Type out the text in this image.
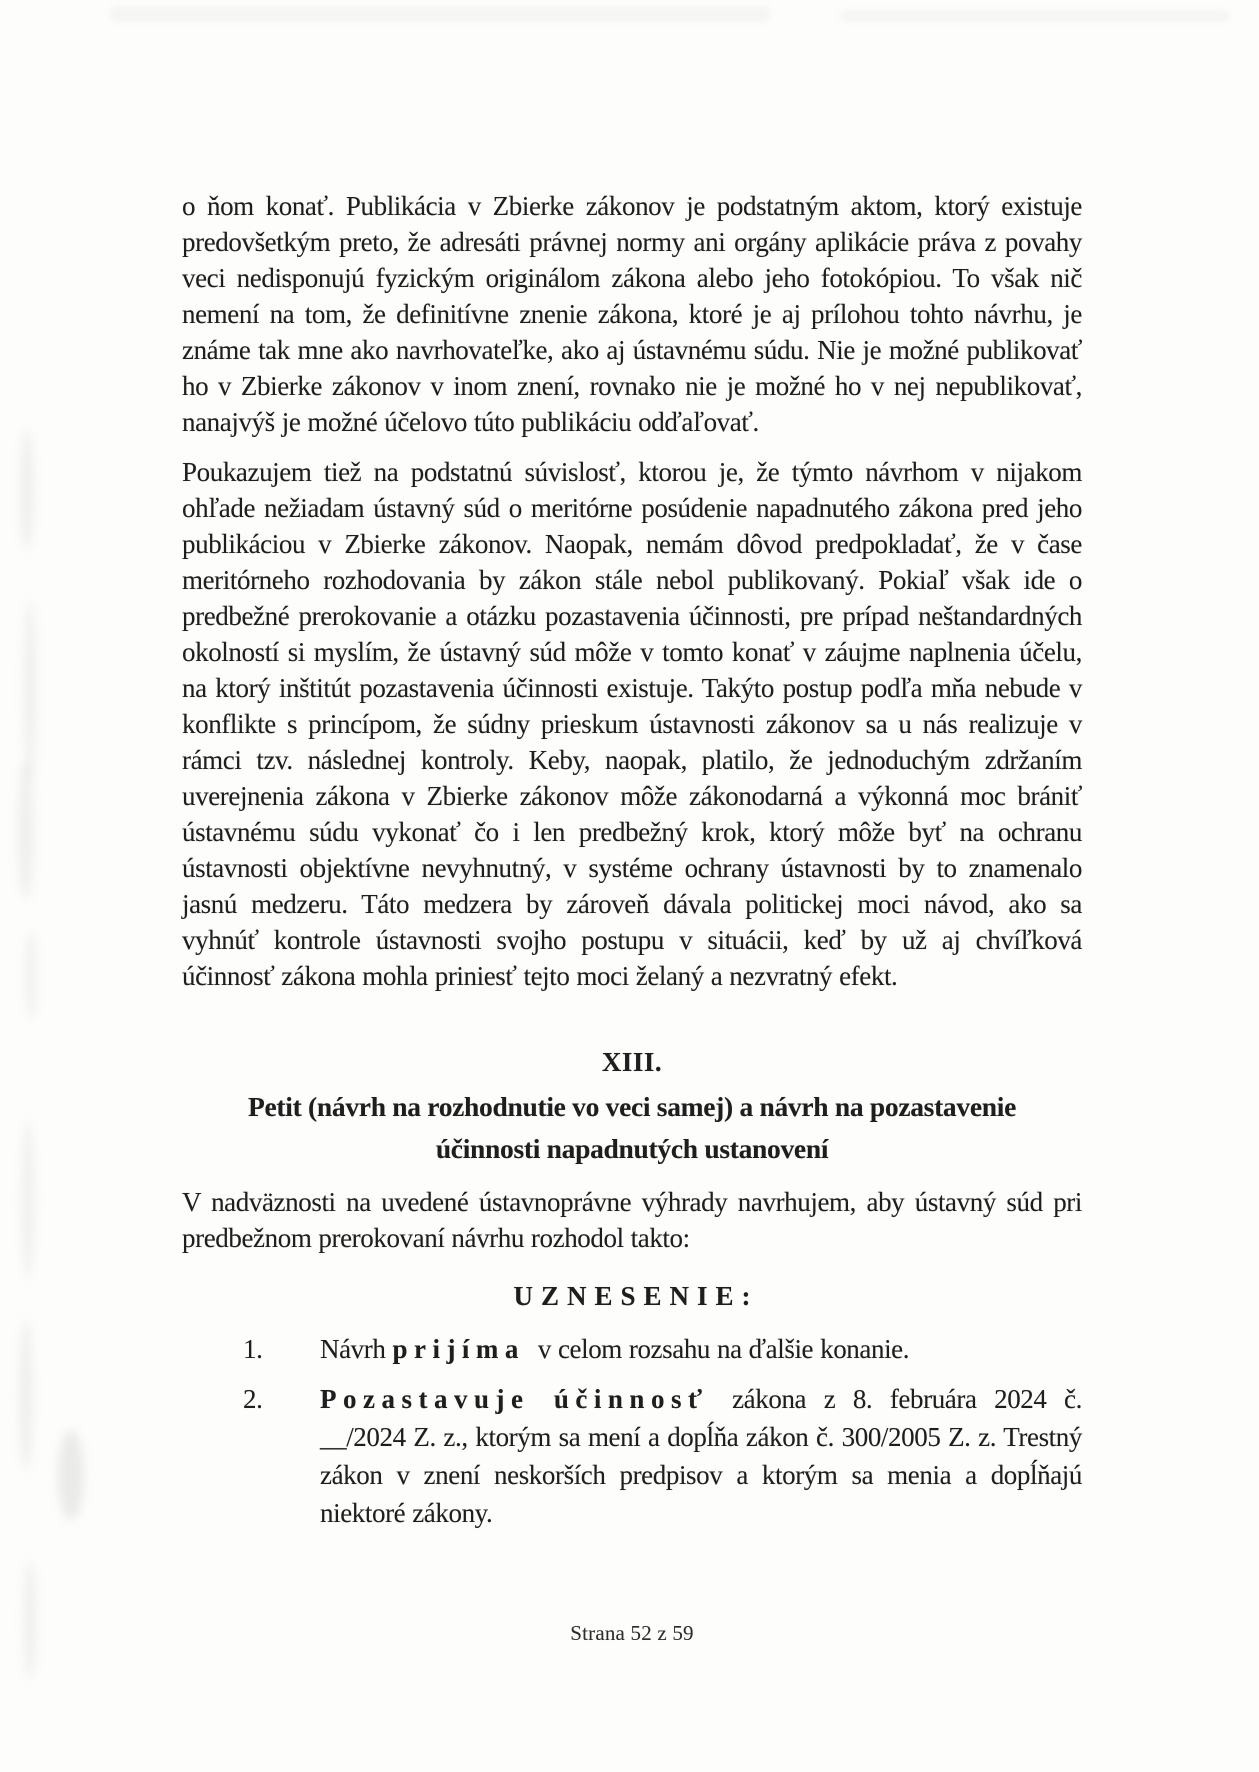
o ňom konať. Publikácia v Zbierke zákonov je podstatným aktom, ktorý existuje predovšetkým preto, že adresáti právnej normy ani orgány aplikácie práva z povahy veci nedisponujú fyzickým originálom zákona alebo jeho fotokópiou. To však nič nemení na tom, že definitívne znenie zákona, ktoré je aj prílohou tohto návrhu, je známe tak mne ako navrhovateľke, ako aj ústavnému súdu. Nie je možné publikovať ho v Zbierke zákonov v inom znení, rovnako nie je možné ho v nej nepublikovať, nanajvýš je možné účelovo túto publikáciu odďaľovať.

Poukazujem tiež na podstatnú súvislosť, ktorou je, že týmto návrhom v nijakom ohľade nežiadam ústavný súd o meritórne posúdenie napadnutého zákona pred jeho publikáciou v Zbierke zákonov. Naopak, nemám dôvod predpokladať, že v čase meritórneho rozhodovania by zákon stále nebol publikovaný. Pokiaľ však ide o predbežné prerokovanie a otázku pozastavenia účinnosti, pre prípad neštandardných okolností si myslím, že ústavný súd môže v tomto konať v záujme naplnenia účelu, na ktorý inštitút pozastavenia účinnosti existuje. Takýto postup podľa mňa nebude v konflikte s princípom, že súdny prieskum ústavnosti zákonov sa u nás realizuje v rámci tzv. následnej kontroly. Keby, naopak, platilo, že jednoduchým zdržaním uverejnenia zákona v Zbierke zákonov môže zákonodarná a výkonná moc brániť ústavnému súdu vykonať čo i len predbežný krok, ktorý môže byť na ochranu ústavnosti objektívne nevyhnutný, v systéme ochrany ústavnosti by to znamenalo jasnú medzeru. Táto medzera by zároveň dávala politickej moci návod, ako sa vyhnúť kontrole ústavnosti svojho postupu v situácii, keď by už aj chvíľková účinnosť zákona mohla priniesť tejto moci želaný a nezvratný efekt.

XIII.
Petit (návrh na rozhodnutie vo veci samej) a návrh na pozastavenie
účinnosti napadnutých ustanovení

V nadväznosti na uvedené ústavnoprávne výhrady navrhujem, aby ústavný súd pri predbežnom prerokovaní návrhu rozhodol takto:

UZNESENIE:
1. Návrh prijíma v celom rozsahu na ďalšie konanie.
2. Pozastavuje účinnosť zákona z 8. februára 2024 č. __/2024 Z. z., ktorým sa mení a dopĺňa zákon č. 300/2005 Z. z. Trestný zákon v znení neskorších predpisov a ktorým sa menia a dopĺňajú niektoré zákony.
Strana 52 z 59
